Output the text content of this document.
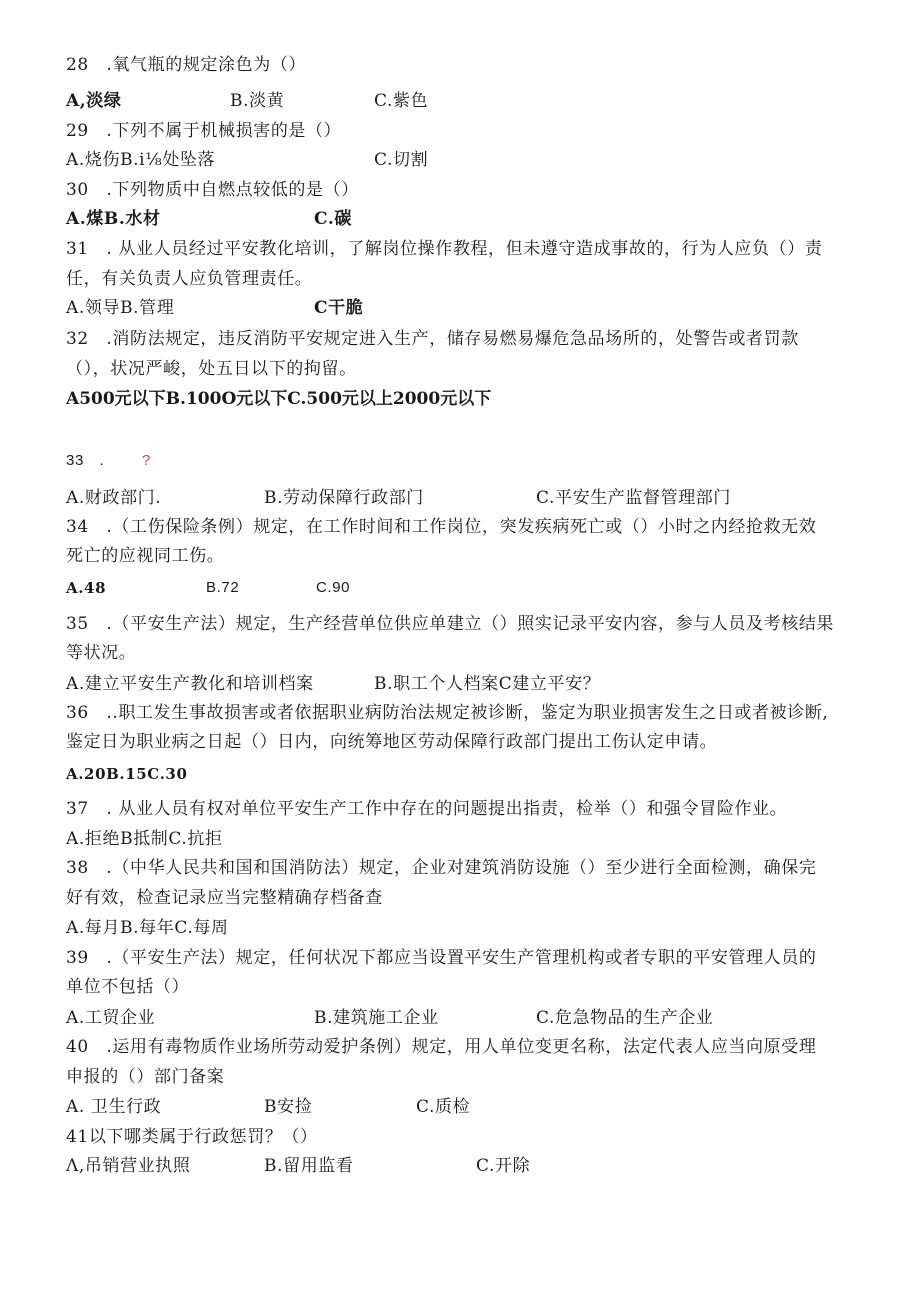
28　.氧气瓶的规定涂色为（）
A,淡绿	B.淡黄	C.紫色
29　.下列不属于机械损害的是（）
A.烧伤B.i⅛处坠落	C.切割
30　.下列物质中自燃点较低的是（）
A.煤B.水材	C.碳
31　. 从业人员经过平安教化培训，了解岗位操作教程，但未遵守造成事故的，行为人应负（）责
任，有关负责人应负管理责任。
A.领导B.管理	C干脆
32　.消防法规定，违反消防平安规定进入生产，储存易燃易爆危急品场所的，处警告或者罚款
（），状况严峻，处五日以下的拘留。
A500元以下B.100O元以下C.500元以上2000元以下
33　.	?
A.财政部门.	B.劳动保障行政部门	C.平安生产监督管理部门
34　.（工伤保险条例）规定，在工作时间和工作岗位，突发疾病死亡或（）小时之内经抢救无效
死亡的应视同工伤。
A.48	B.72	C.90
35　.（平安生产法）规定，生产经营单位供应单建立（）照实记录平安内容，参与人员及考核结果
等状况。
A.建立平安生产教化和培训档案	B.职工个人档案C建立平安？
36　..职工发生事故损害或者依据职业病防治法规定被诊断，鉴定为职业损害发生之日或者被诊断,
鉴定日为职业病之日起（）日内，向统筹地区劳动保障行政部门提出工伤认定申请。
A.20B.15C.30
37　. 从业人员有权对单位平安生产工作中存在的问题提出指责，检举（）和强令冒险作业。
A.拒绝B抵制C.抗拒
38　.（中华人民共和国和国消防法）规定，企业对建筑消防设施（）至少进行全面检测，确保完
好有效，检查记录应当完整精确存档备查
A.每月B.每年C.每周
39　.（平安生产法）规定，任何状况下都应当设置平安生产管理机构或者专职的平安管理人员的
单位不包括（）
A.工贸企业	B.建筑施工企业	C.危急物品的生产企业
40　.运用有毒物质作业场所劳动爱护条例）规定，用人单位变更名称，法定代表人应当向原受理
申报的（）部门备案
A. 卫生行政	B安捡	C.质检
41以下哪类属于行政惩罚？（）
Λ,吊销营业执照	B.留用监看	C.开除
